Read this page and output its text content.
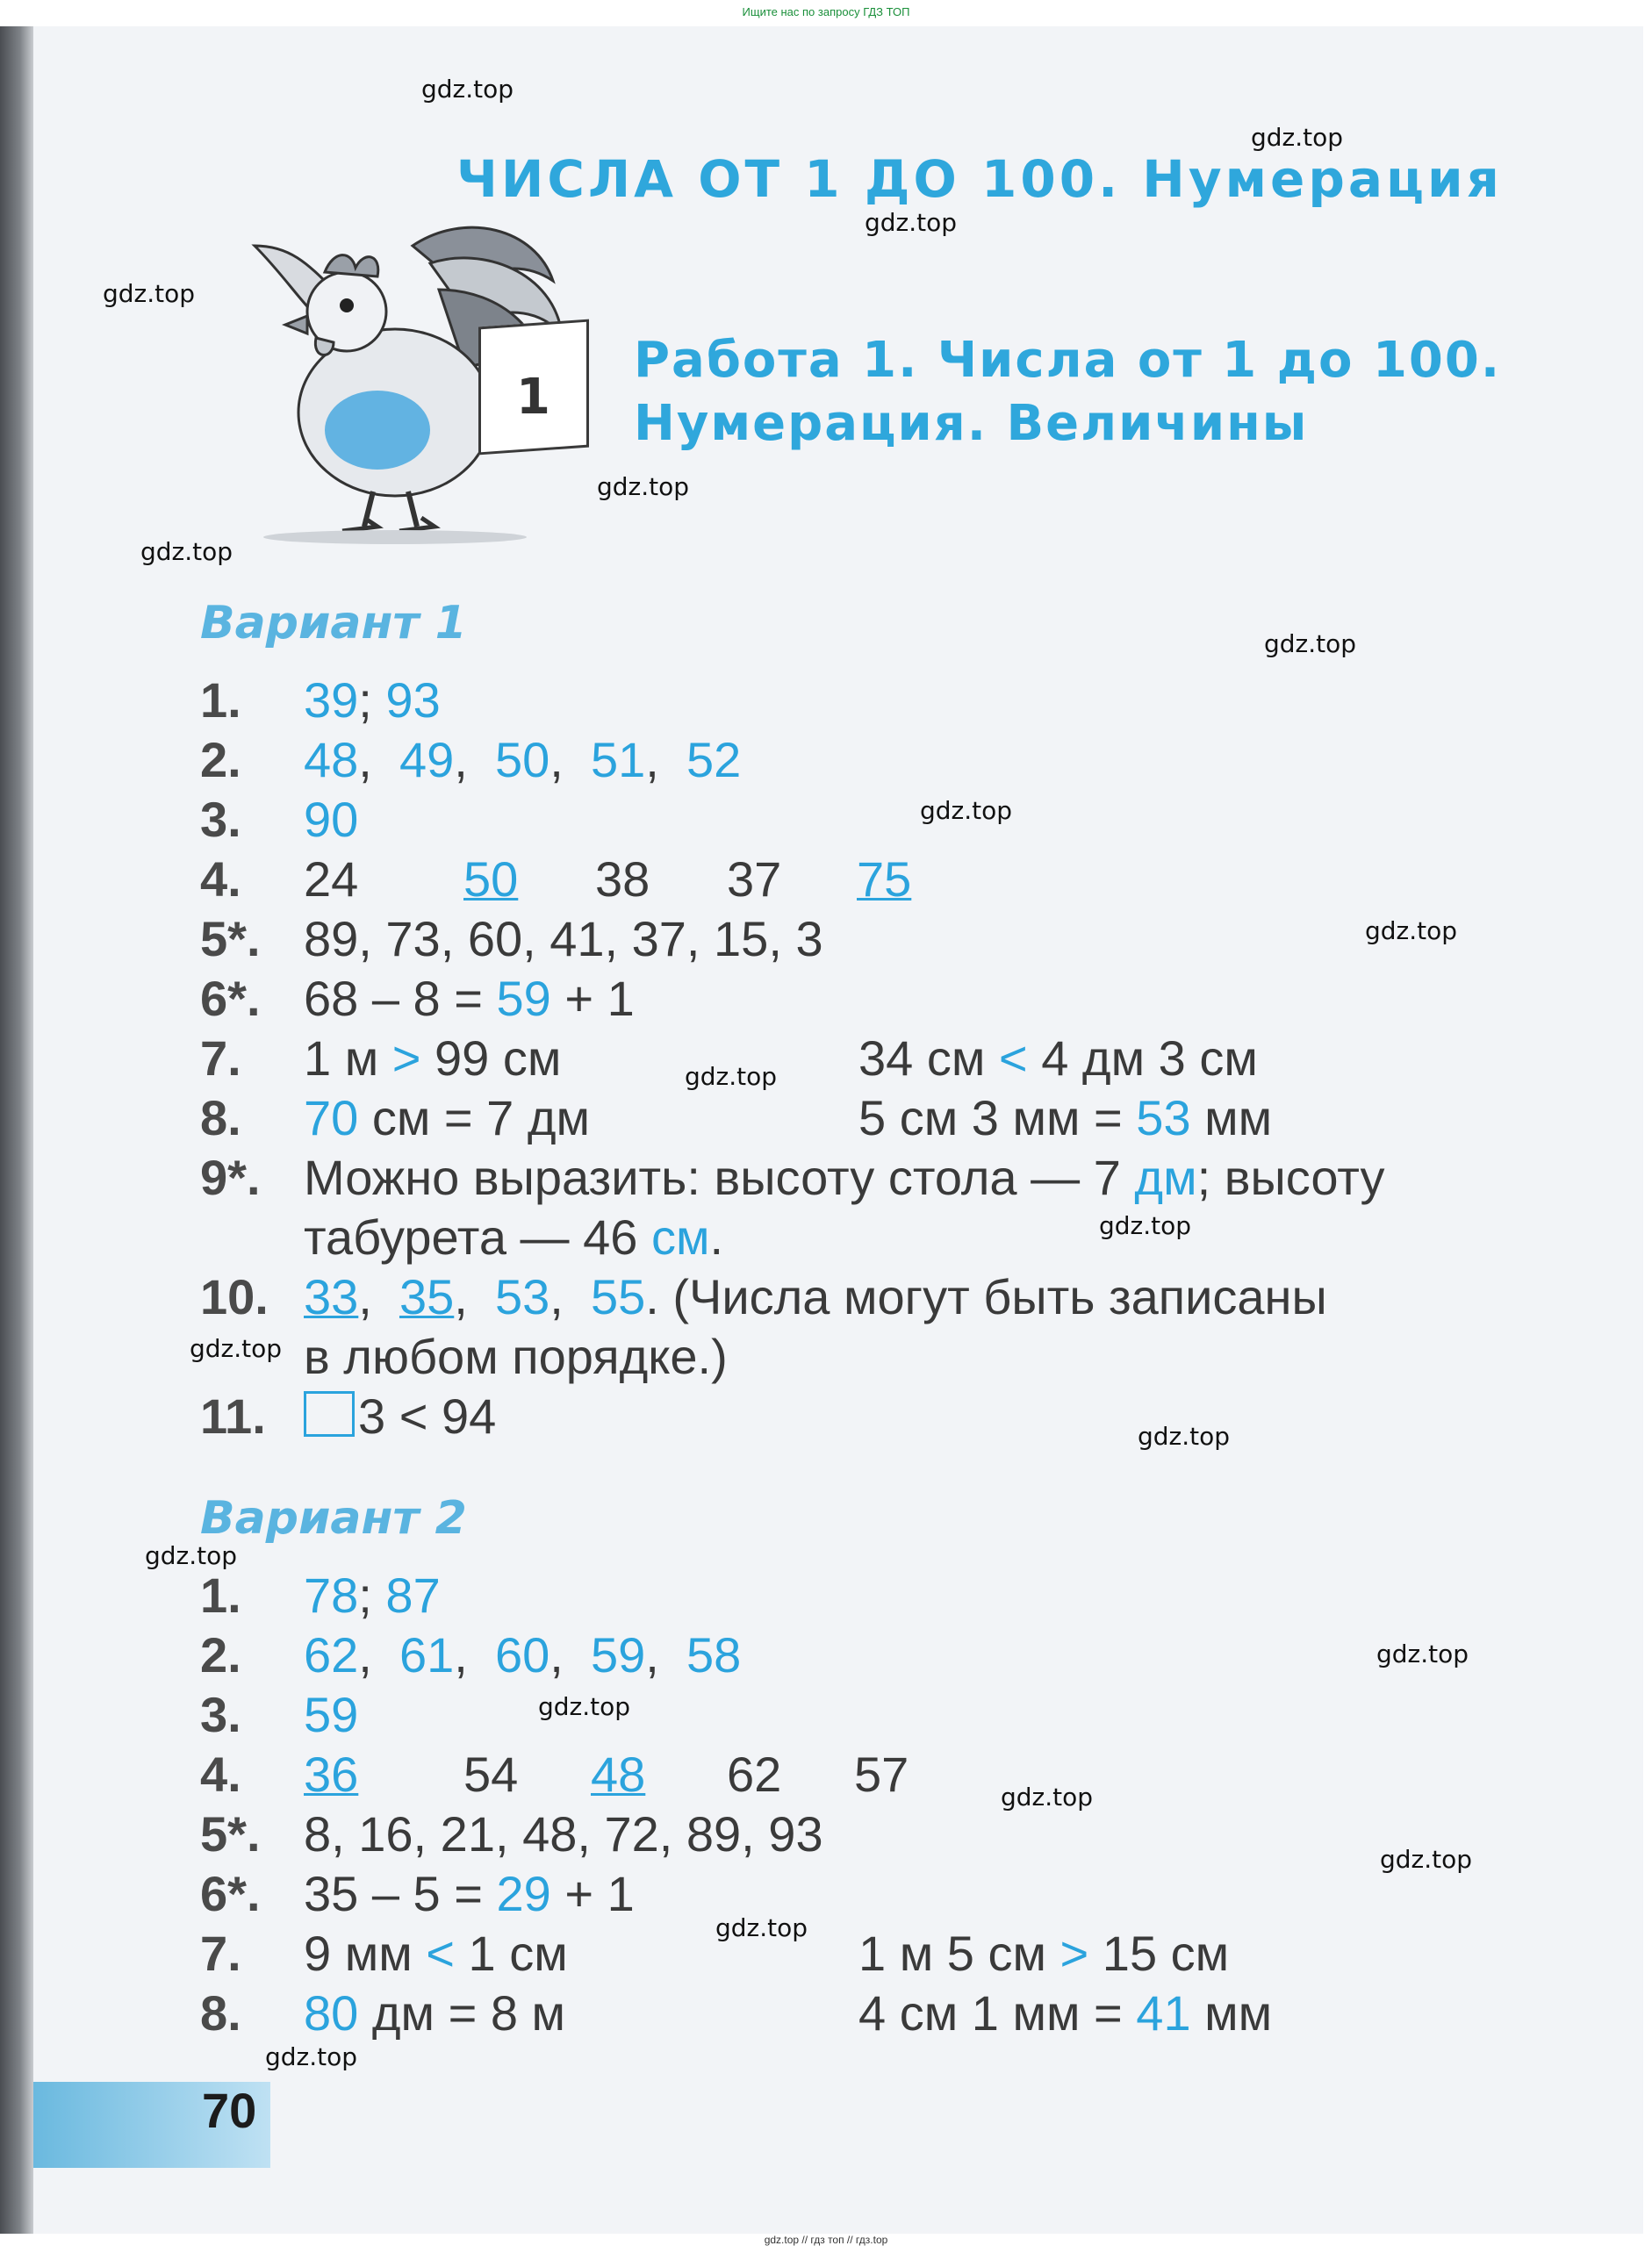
Ищите нас по запросу ГДЗ ТОП
gdz.top // гдз топ // гдз.top
gdz.top
gdz.top
gdz.top
gdz.top
gdz.top
gdz.top
gdz.top
gdz.top
gdz.top
gdz.top
gdz.top
gdz.top
gdz.top
gdz.top
gdz.top
gdz.top
gdz.top
gdz.top
gdz.top
gdz.top
ЧИСЛА ОТ 1 ДО 100. Нумерация
1
Работа 1. Числа от 1 до 100.
Нумерация. Величины
Вариант 1
1. 39; 93
2. 48,  49,  50,  51,  52
3. 90
4. 24 50 38 37 75
5*. 89, 73, 60, 41, 37, 15, 3
6*. 68 – 8 = 59 + 1
7. 1 м > 99 см	34 см < 4 дм 3 см
8. 70 см = 7 дм	5 см 3 мм = 53 мм
9*. Можно выразить: высоту стола — 7 дм; высоту
табурета — 46 см.
10. 33,  35,  53,  55. (Числа могут быть записаны
в любом порядке.)
11. 3 < 94
Вариант 2
1. 78; 87
2. 62,  61,  60,  59,  58
3. 59
4. 36 54 48 62 57
5*. 8, 16, 21, 48, 72, 89, 93
6*. 35 – 5 = 29 + 1
7. 9 мм < 1 см	1 м 5 см > 15 см
8. 80 дм = 8 м	4 см 1 мм = 41 мм
70
